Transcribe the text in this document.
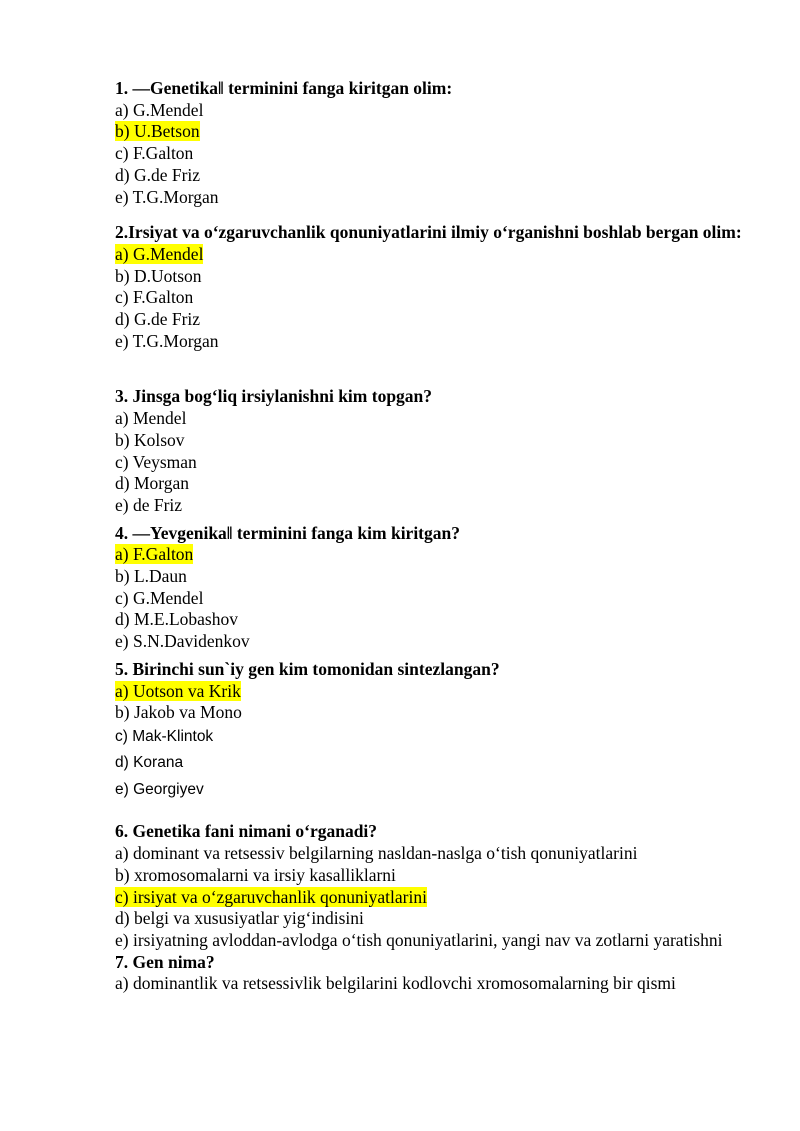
1. —Genetika‖ terminini fanga kiritgan olim:
a) G.Mendel
b) U.Betson
c) F.Galton
d) G.de Friz
e) T.G.Morgan
2.Irsiyat va o‘zgaruvchanlik qonuniyatlarini ilmiy o‘rganishni boshlab bergan olim:
a) G.Mendel
b) D.Uotson
c) F.Galton
d) G.de Friz
e) T.G.Morgan
3. Jinsga bog‘liq irsiylanishni kim topgan?
a) Mendel
b) Kolsov
c) Veysman
d) Morgan
e) de Friz
4. —Yevgenika‖ terminini fanga kim kiritgan?
a) F.Galton
b) L.Daun
c) G.Mendel
d) M.E.Lobashov
e) S.N.Davidenkov
5. Birinchi sun`iy gen kim tomonidan sintezlangan?
a) Uotson va Krik
b) Jakob va Mono
c) Mak-Klintok
d) Korana
e) Georgiyev
6. Genetika fani nimani o‘rganadi?
a) dominant va retsessiv belgilarning nasldan-naslga o‘tish qonuniyatlarini
b) xromosomalarni va irsiy kasalliklarni
c) irsiyat va o‘zgaruvchanlik qonuniyatlarini
d) belgi va xususiyatlar yig‘indisini
e) irsiyatning avloddan-avlodga o‘tish qonuniyatlarini, yangi nav va zotlarni yaratishni
7. Gen nima?
a) dominantlik va retsessivlik belgilarini kodlovchi xromosomalarning bir qismi
